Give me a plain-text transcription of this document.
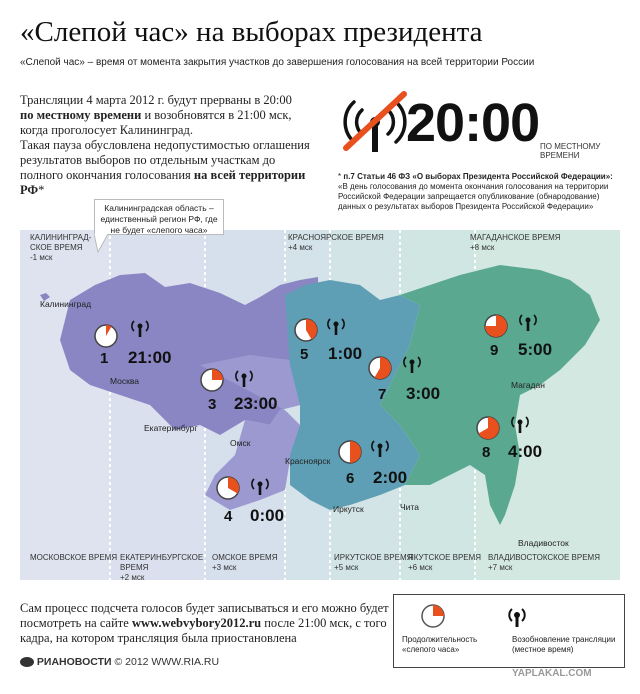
«Слепой час» на выборах президента
«Слепой час» – время от момента закрытия участков до завершения голосования на всей территории России
Трансляции 4 марта 2012 г. будут прерваны в 20:00
по местному времени и возобновятся в 21:00 мск,
когда проголосует Калининград.
Такая пауза обусловлена недопустимостью оглашения результатов выборов по отдельным участкам до полного окончания голосования на всей территории РФ*
20:00 ПО МЕСТНОМУ ВРЕМЕНИ
* п.7 Статьи 46 ФЗ «О выборах Президента Российской Федерации»:
«В день голосования до момента окончания голосования на территории Российской Федерации запрещается опубликование (обнародование) данных о результатах выборов Президента Российской Федерации»
Калининградская область – единственный регион РФ, где не будет «слепого часа»
КАЛИНИНГРАД-СКОЕ ВРЕМЯ
-1 мск
КРАСНОЯРСКОЕ ВРЕМЯ
+4 мск
МАГАДАНСКОЕ ВРЕМЯ
+8 мск
МОСКОВСКОЕ ВРЕМЯ ЕКАТЕРИНБУРГСКОЕ ВРЕМЯ
+2 мск
ОМСКОЕ ВРЕМЯ
+3 мск
ИРКУТСКОЕ ВРЕМЯ
+5 мск
ЯКУТСКОЕ ВРЕМЯ
+6 мск
ВЛАДИВОСТОКСКОЕ ВРЕМЯ
+7 мск
Калининград
Москва
Екатеринбург
Омск
Красноярск
Иркутск	Чита
Магадан
Владивосток
1 21:00
3 23:00
4 0:00
5 1:00
6 2:00
7 3:00
8 4:00
9 5:00
Сам процесс подсчета голосов будет записываться и его можно будет
посмотреть на сайте www.webvybory2012.ru после 21:00 мск, с того
кадра, на котором трансляция была приостановлена	Продолжительность «слепого часа»
Возобновление трансляции (местное время)
РИАНОВОСТИ © 2012 WWW.RIA.RU
YAPLAKAL.COM
